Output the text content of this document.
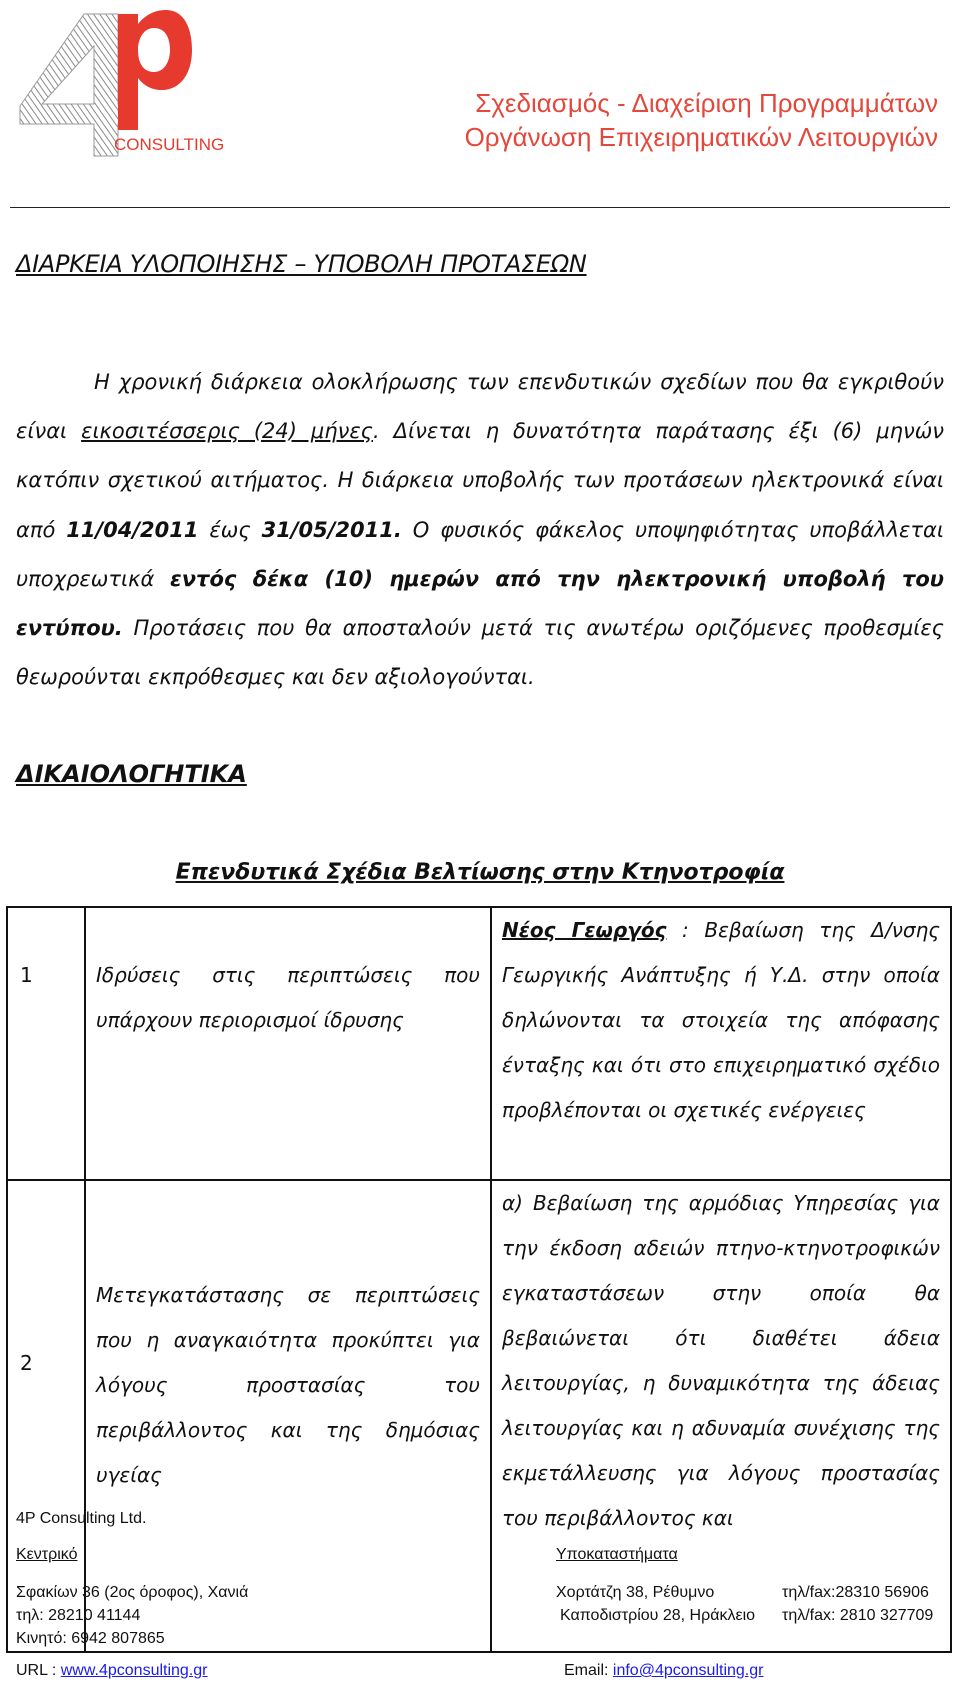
CONSULTING
Σχεδιασμός - Διαχείριση Προγραμμάτων
Οργάνωση Επιχειρηματικών Λειτουργιών
ΔΙΑΡΚΕΙΑ ΥΛΟΠΟΙΗΣΗΣ – ΥΠΟΒΟΛΗ ΠΡΟΤΑΣΕΩΝ
Η χρονική διάρκεια ολοκλήρωσης των επενδυτικών σχεδίων που θα εγκριθούν είναι εικοσιτέσσερις (24) μήνες. Δίνεται η δυνατότητα παράτασης έξι (6) μηνών κατόπιν σχετικού αιτήματος. Η διάρκεια υποβολής των προτάσεων ηλεκτρονικά είναι από 11/04/2011 έως 31/05/2011. Ο φυσικός φάκελος υποψηφιότητας υποβάλλεται υποχρεωτικά εντός δέκα (10) ημερών από την ηλεκτρονική υποβολή του εντύπου. Προτάσεις που θα αποσταλούν μετά τις ανωτέρω οριζόμενες προθεσμίες θεωρούνται εκπρόθεσμες και δεν αξιολογούνται.
ΔΙΚΑΙΟΛΟΓΗΤΙΚΑ
Επενδυτικά Σχέδια Βελτίωσης στην Κτηνοτροφία
1	Ιδρύσεις στις περιπτώσεις που υπάρχουν περιορισμοί ίδρυσης	Νέος Γεωργός : Βεβαίωση της Δ/νσης Γεωργικής Ανάπτυξης ή Υ.Δ. στην οποία δηλώνονται τα στοιχεία της απόφασης ένταξης και ότι στο επιχειρηματικό σχέδιο προβλέπονται οι σχετικές ενέργειες
2	Μετεγκατάστασης σε περιπτώσεις που η αναγκαιότητα προκύπτει για λόγους προστασίας του περιβάλλοντος και της δημόσιας υγείας	α) Βεβαίωση της αρμόδιας Υπηρεσίας για την έκδοση αδειών πτηνο-κτηνοτροφικών εγκαταστάσεων στην οποία θα βεβαιώνεται ότι διαθέτει άδεια λειτουργίας, η δυναμικότητα της άδειας λειτουργίας και η αδυναμία συνέχισης της εκμετάλλευσης για λόγους προστασίας του περιβάλλοντος και
4P Consulting Ltd.
Κεντρικό	Υποκαταστήματα
Σφακίων 36 (2ος όροφος), Χανιά
τηλ: 28210 41144
Κινητό: 6942 807865
Χορτάτζη 38, Ρέθυμνο	τηλ/fax:28310 56906
Καποδιστρίου 28, Ηράκλειο τηλ/fax: 2810 327709
URL : www.4pconsulting.gr	Email: info@4pconsulting.gr
